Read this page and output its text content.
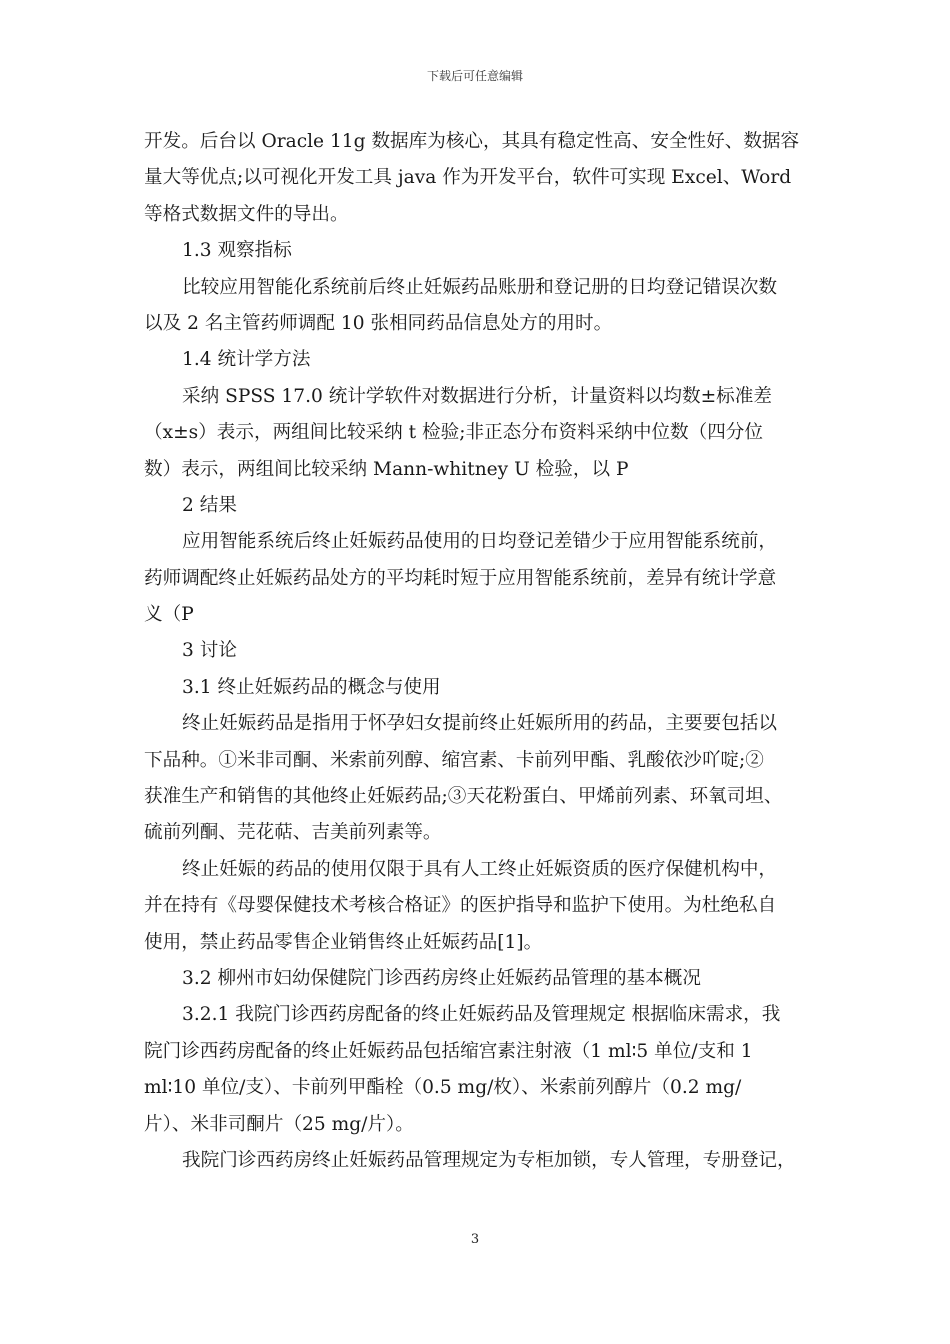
下载后可任意编辑
开发。后台以 Oracle 11g 数据库为核心，其具有稳定性高、安全性好、数据容
量大等优点;以可视化开发工具 java 作为开发平台，软件可实现 Excel、Word
等格式数据文件的导出。
1.3 观察指标
比较应用智能化系统前后终止妊娠药品账册和登记册的日均登记错误次数
以及 2 名主管药师调配 10 张相同药品信息处方的用时。
1.4 统计学方法
采纳 SPSS 17.0 统计学软件对数据进行分析，计量资料以均数±标准差
（x±s）表示，两组间比较采纳 t 检验;非正态分布资料采纳中位数（四分位
数）表示，两组间比较采纳 Mann-whitney U 检验，以 P
2 结果
应用智能系统后终止妊娠药品使用的日均登记差错少于应用智能系统前，
药师调配终止妊娠药品处方的平均耗时短于应用智能系统前，差异有统计学意
义（P
3 讨论
3.1 终止妊娠药品的概念与使用
终止妊娠药品是指用于怀孕妇女提前终止妊娠所用的药品，主要要包括以
下品种。①米非司酮、米索前列醇、缩宫素、卡前列甲酯、乳酸依沙吖啶;②
获准生产和销售的其他终止妊娠药品;③天花粉蛋白、甲烯前列素、环氧司坦、
硫前列酮、芫花萜、吉美前列素等。
终止妊娠的药品的使用仅限于具有人工终止妊娠资质的医疗保健机构中，
并在持有《母婴保健技术考核合格证》的医护指导和监护下使用。为杜绝私自
使用，禁止药品零售企业销售终止妊娠药品[1]。
3.2 柳州市妇幼保健院门诊西药房终止妊娠药品管理的基本概况
3.2.1 我院门诊西药房配备的终止妊娠药品及管理规定 根据临床需求，我
院门诊西药房配备的终止妊娠药品包括缩宫素注射液（1 ml∶5 单位/支和 1
ml∶10 单位/支）、卡前列甲酯栓（0.5 mg/枚）、米索前列醇片（0.2 mg/
片）、米非司酮片（25 mg/片）。
我院门诊西药房终止妊娠药品管理规定为专柜加锁，专人管理，专册登记，
3
